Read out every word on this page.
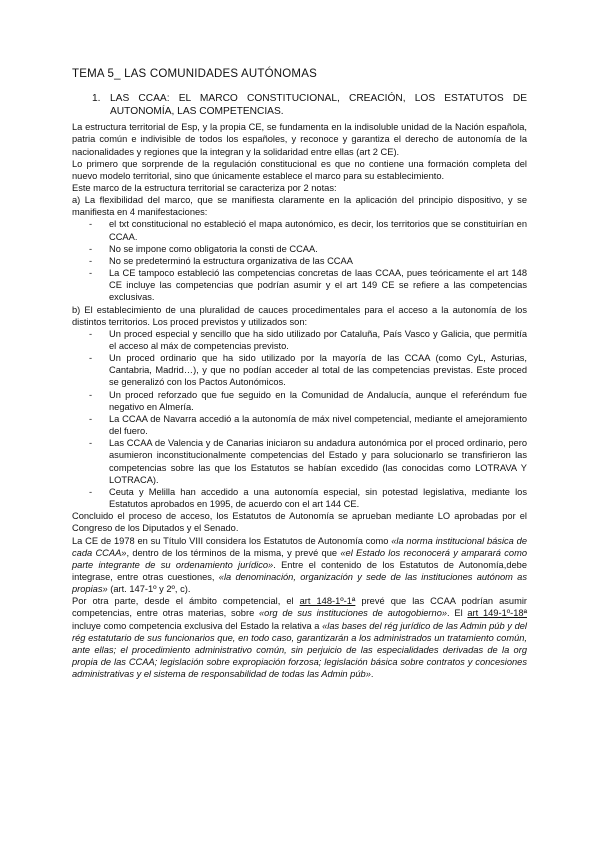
TEMA 5_ LAS COMUNIDADES AUTÓNOMAS
1. LAS CCAA: EL MARCO CONSTITUCIONAL, CREACIÓN, LOS ESTATUTOS DE AUTONOMÍA, LAS COMPETENCIAS.

La estructura territorial de Esp, y la propia CE, se fundamenta en la indisoluble unidad de la Nación española, patria común e indivisible de todos los españoles, y reconoce y garantiza el derecho de autonomía de la nacionalidades y regiones que la integran y la solidaridad entre ellas (art 2 CE).

Lo primero que sorprende de la regulación constitucional es que no contiene una formación completa del nuevo modelo territorial, sino que únicamente establece el marco para su establecimiento.

Este marco de la estructura territorial se caracteriza por 2 notas:

a) La flexibilidad del marco, que se manifiesta claramente en la aplicación del principio dispositivo, y se manifiesta en 4 manifestaciones:

- el txt constitucional no estableció el mapa autonómico, es decir, los territorios que se constituirían en CCAA.
- No se impone como obligatoria la consti de CCAA.
- No se predeterminó la estructura organizativa de las CCAA
- La CE tampoco estableció las competencias concretas de laas CCAA, pues teóricamente el art 148 CE incluye las competencias que podrían asumir y el art 149 CE se refiere a las competencias exclusivas.

b) El establecimiento de una pluralidad de cauces procedimentales para el acceso a la autonomía de los distintos territorios. Los proced previstos y utilizados son:

- Un proced especial y sencillo que ha sido utilizado por Cataluña, País Vasco y Galicia, que permitía el acceso al máx de competencias previsto.
- Un proced ordinario que ha sido utilizado por la mayoría de las CCAA (como CyL, Asturias, Cantabria, Madrid…), y que no podían acceder al total de las competencias previstas. Este proced se generalizó con los Pactos Autonómicos.
- Un proced reforzado que fue seguido en la Comunidad de Andalucía, aunque el referéndum fue negativo en Almería.
- La CCAA de Navarra accedió a la autonomía de máx nivel competencial, mediante el amejoramiento del fuero.
- Las CCAA de Valencia y de Canarias iniciaron su andadura autonómica por el proced ordinario, pero asumieron inconstitucionalmente competencias del Estado y para solucionarlo se transfirieron las competencias sobre las que los Estatutos se habían excedido (las conocidas como LOTRAVA Y LOTRACA).
- Ceuta y Melilla han accedido a una autonomía especial, sin potestad legislativa, mediante los Estatutos aprobados en 1995, de acuerdo con el art 144 CE.

Concluido el proceso de acceso, los Estatutos de Autonomía se aprueban mediante LO aprobadas por el Congreso de los Diputados y el Senado.

La CE de 1978 en su Título VIII considera los Estatutos de Autonomía como «la norma institucional básica de cada CCAA», dentro de los términos de la misma, y prevé que «el Estado los reconocerá y amparará como parte integrante de su ordenamiento jurídico». Entre el contenido de los Estatutos de Autonomía,debe integrase, entre otras cuestiones, «la denominación, organización y sede de las instituciones autónom as propias» (art. 147-1º y 2º, c).

Por otra parte, desde el ámbito competencial, el art 148-1º-1ª prevé que las CCAA podrían asumir competencias, entre otras materias, sobre «org de sus instituciones de autogobierno». El art 149-1º-18ª incluye como competencia exclusiva del Estado la relativa a «las bases del rég jurídico de las Admin púb y del rég estatutario de sus funcionarios que, en todo caso, garantizarán a los administrados un tratamiento común, ante ellas; el procedimiento administrativo común, sin perjuicio de las especialidades derivadas de la org propia de las CCAA; legislación sobre expropiación forzosa; legislación básica sobre contratos y concesiones administrativas y el sistema de responsabilidad de todas las Admin púb».
